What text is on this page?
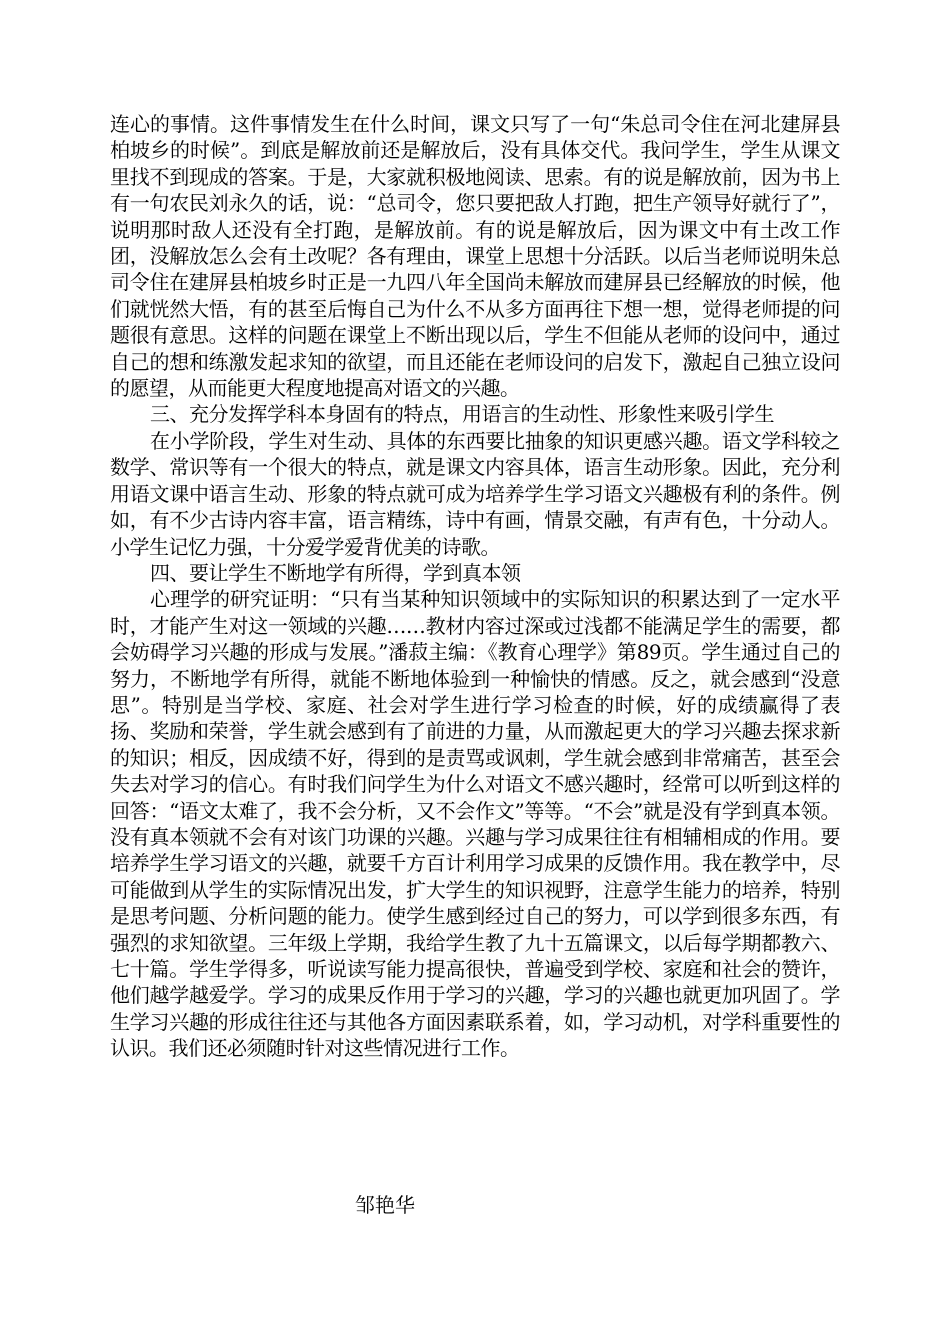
连心的事情。这件事情发生在什么时间，课文只写了一句“朱总司令住在河北建屏县柏坡乡的时候”。到底是解放前还是解放后，没有具体交代。我问学生，学生从课文里找不到现成的答案。于是，大家就积极地阅读、思索。有的说是解放前，因为书上有一句农民刘永久的话，说：“总司令，您只要把敌人打跑，把生产领导好就行了”，说明那时敌人还没有全打跑，是解放前。有的说是解放后，因为课文中有土改工作团，没解放怎么会有土改呢？各有理由，课堂上思想十分活跃。以后当老师说明朱总司令住在建屏县柏坡乡时正是一九四八年全国尚未解放而建屏县已经解放的时候，他们就恍然大悟，有的甚至后悔自己为什么不从多方面再往下想一想，觉得老师提的问题很有意思。这样的问题在课堂上不断出现以后，学生不但能从老师的设问中，通过自己的想和练激发起求知的欲望，而且还能在老师设问的启发下，激起自己独立设问的愿望，从而能更大程度地提高对语文的兴趣。

三、充分发挥学科本身固有的特点，用语言的生动性、形象性来吸引学生

在小学阶段，学生对生动、具体的东西要比抽象的知识更感兴趣。语文学科较之数学、常识等有一个很大的特点，就是课文内容具体，语言生动形象。因此，充分利用语文课中语言生动、形象的特点就可成为培养学生学习语文兴趣极有利的条件。例如，有不少古诗内容丰富，语言精练，诗中有画，情景交融，有声有色，十分动人。小学生记忆力强，十分爱学爱背优美的诗歌。

四、要让学生不断地学有所得，学到真本领

心理学的研究证明：“只有当某种知识领域中的实际知识的积累达到了一定水平时，才能产生对这一领域的兴趣……教材内容过深或过浅都不能满足学生的需要，都会妨碍学习兴趣的形成与发展。”潘菽主编：《教育心理学》第89页。学生通过自己的努力，不断地学有所得，就能不断地体验到一种愉快的情感。反之，就会感到“没意思”。特别是当学校、家庭、社会对学生进行学习检查的时候，好的成绩赢得了表扬、奖励和荣誉，学生就会感到有了前进的力量，从而激起更大的学习兴趣去探求新的知识；相反，因成绩不好，得到的是责骂或讽刺，学生就会感到非常痛苦，甚至会失去对学习的信心。有时我们问学生为什么对语文不感兴趣时，经常可以听到这样的回答：“语文太难了，我不会分析，又不会作文”等等。“不会”就是没有学到真本领。没有真本领就不会有对该门功课的兴趣。兴趣与学习成果往往有相辅相成的作用。要培养学生学习语文的兴趣，就要千方百计利用学习成果的反馈作用。我在教学中，尽可能做到从学生的实际情况出发，扩大学生的知识视野，注意学生能力的培养，特别是思考问题、分析问题的能力。使学生感到经过自己的努力，可以学到很多东西，有强烈的求知欲望。三年级上学期，我给学生教了九十五篇课文，以后每学期都教六、七十篇。学生学得多，听说读写能力提高很快，普遍受到学校、家庭和社会的赞许，他们越学越爱学。学习的成果反作用于学习的兴趣，学习的兴趣也就更加巩固了。学生学习兴趣的形成往往还与其他各方面因素联系着，如，学习动机，对学科重要性的认识。我们还必须随时针对这些情况进行工作。

邹艳华
